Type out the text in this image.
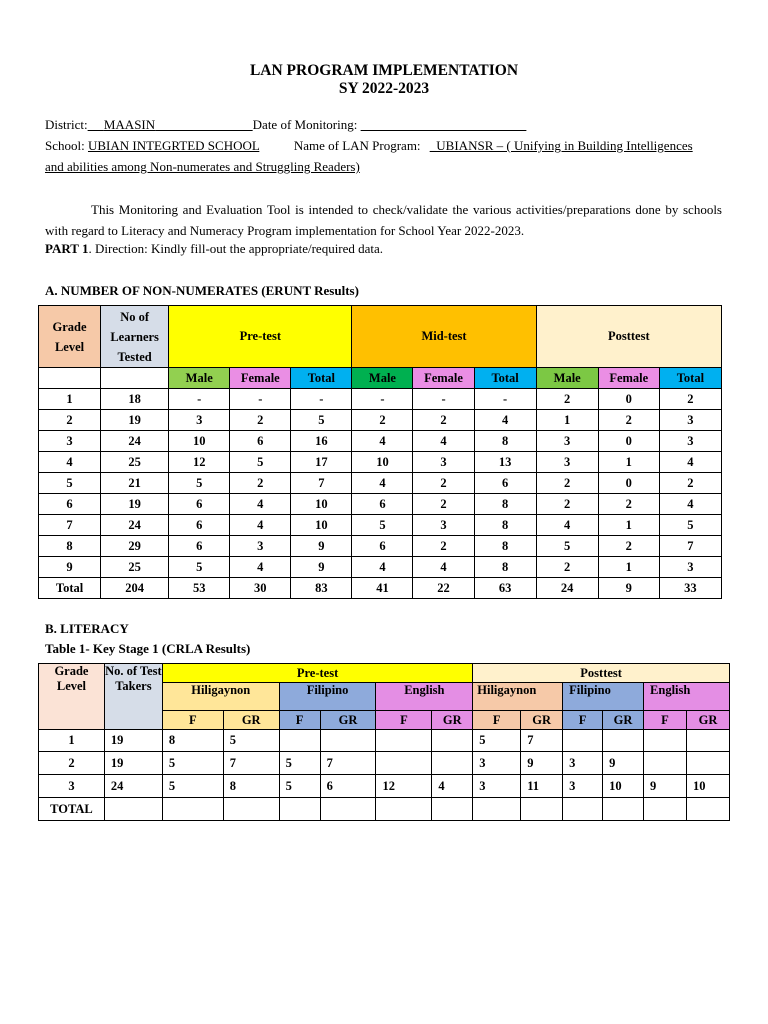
LAN PROGRAM IMPLEMENTATION
SY 2022-2023
District: MAASIN	Date of Monitoring:
School: UBIAN INTEGRTED SCHOOL	Name of LAN Program: _UBIANSR – ( Unifying in Building Intelligences
and abilities among Non-numerates and Struggling Readers)
This Monitoring and Evaluation Tool is intended to check/validate the various activities/preparations done by schools with regard to Literacy and Numeracy Program implementation for School Year 2022-2023.
PART 1. Direction: Kindly fill-out the appropriate/required data.
A. NUMBER OF NON-NUMERATES (ERUNT Results)
Grade Level	No of Learners Tested	Pre-test			Mid-test			Posttest		
		Male	Female	Total	Male	Female	Total	Male	Female	Total
1	18	-	-	-	-	-	-	2	0	2
2	19	3	2	5	2	2	4	1	2	3
3	24	10	6	16	4	4	8	3	0	3
4	25	12	5	17	10	3	13	3	1	4
5	21	5	2	7	4	2	6	2	0	2
6	19	6	4	10	6	2	8	2	2	4
7	24	6	4	10	5	3	8	4	1	5
8	29	6	3	9	6	2	8	5	2	7
9	25	5	4	9	4	4	8	2	1	3
Total	204	53	30	83	41	22	63	24	9	33
B. LITERACY
Table 1- Key Stage 1 (CRLA Results)
Grade Level	No. of Test Takers	Pre-test						Posttest					
		Hiligaynon		Filipino		English		Hiligaynon		Filipino		English	
		F	GR	F	GR	F	GR	F	GR	F	GR	F	GR
1	19	8	5					5	7				
2	19	5	7	5	7			3	9	3	9		
3	24	5	8	5	6	12	4	3	11	3	10	9	10
TOTAL													
